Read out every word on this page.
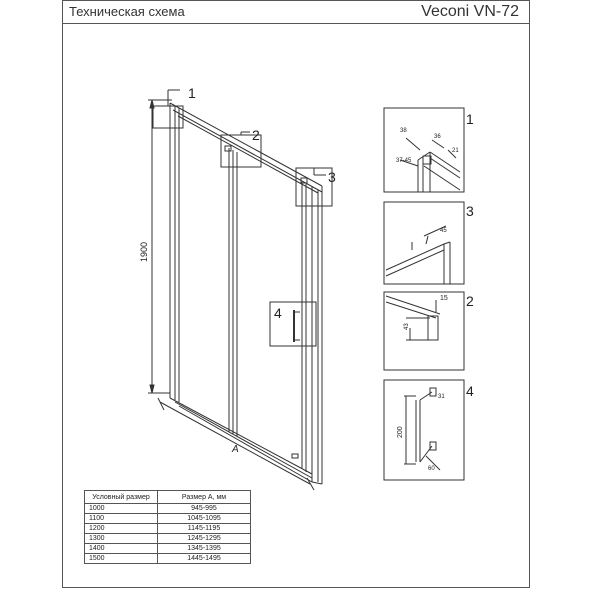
Техническая схема	Veconi VN-72
1
2
3
4
1900
A
1
38
36
21
37-45
3
45
2
15
43
4
200
31
60
Условный размер	Размер А, мм
1000	945-995
1100	1045-1095
1200	1145-1195
1300	1245-1295
1400	1345-1395
1500	1445-1495
